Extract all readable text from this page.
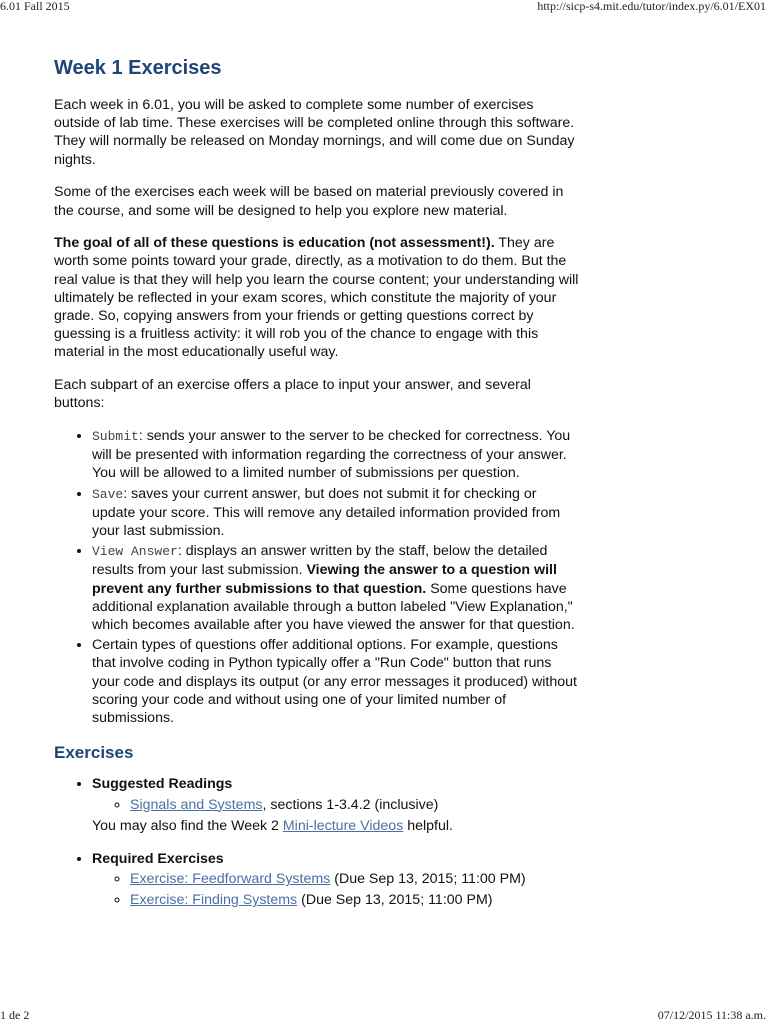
6.01 Fall 2015	http://sicp-s4.mit.edu/tutor/index.py/6.01/EX01
Week 1 Exercises

Each week in 6.01, you will be asked to complete some number of exercises outside of lab time. These exercises will be completed online through this software. They will normally be released on Monday mornings, and will come due on Sunday nights.

Some of the exercises each week will be based on material previously covered in the course, and some will be designed to help you explore new material.

The goal of all of these questions is education (not assessment!). They are worth some points toward your grade, directly, as a motivation to do them. But the real value is that they will help you learn the course content; your understanding will ultimately be reflected in your exam scores, which constitute the majority of your grade. So, copying answers from your friends or getting questions correct by guessing is a fruitless activity: it will rob you of the chance to engage with this material in the most educationally useful way.

Each subpart of an exercise offers a place to input your answer, and several buttons:

• Submit: sends your answer to the server to be checked for correctness. You will be presented with information regarding the correctness of your answer. You will be allowed to a limited number of submissions per question.
• Save: saves your current answer, but does not submit it for checking or update your score. This will remove any detailed information provided from your last submission.
• View Answer: displays an answer written by the staff, below the detailed results from your last submission. Viewing the answer to a question will prevent any further submissions to that question. Some questions have additional explanation available through a button labeled "View Explanation," which becomes available after you have viewed the answer for that question.
• Certain types of questions offer additional options. For example, questions that involve coding in Python typically offer a "Run Code" button that runs your code and displays its output (or any error messages it produced) without scoring your code and without using one of your limited number of submissions.
Exercises
• Suggested Readings
◦ Signals and Systems, sections 1-3.4.2 (inclusive)
You may also find the Week 2 Mini-lecture Videos helpful.
• Required Exercises
◦ Exercise: Feedforward Systems (Due Sep 13, 2015; 11:00 PM)
◦ Exercise: Finding Systems (Due Sep 13, 2015; 11:00 PM)
1 de 2	07/12/2015 11:38 a.m.
